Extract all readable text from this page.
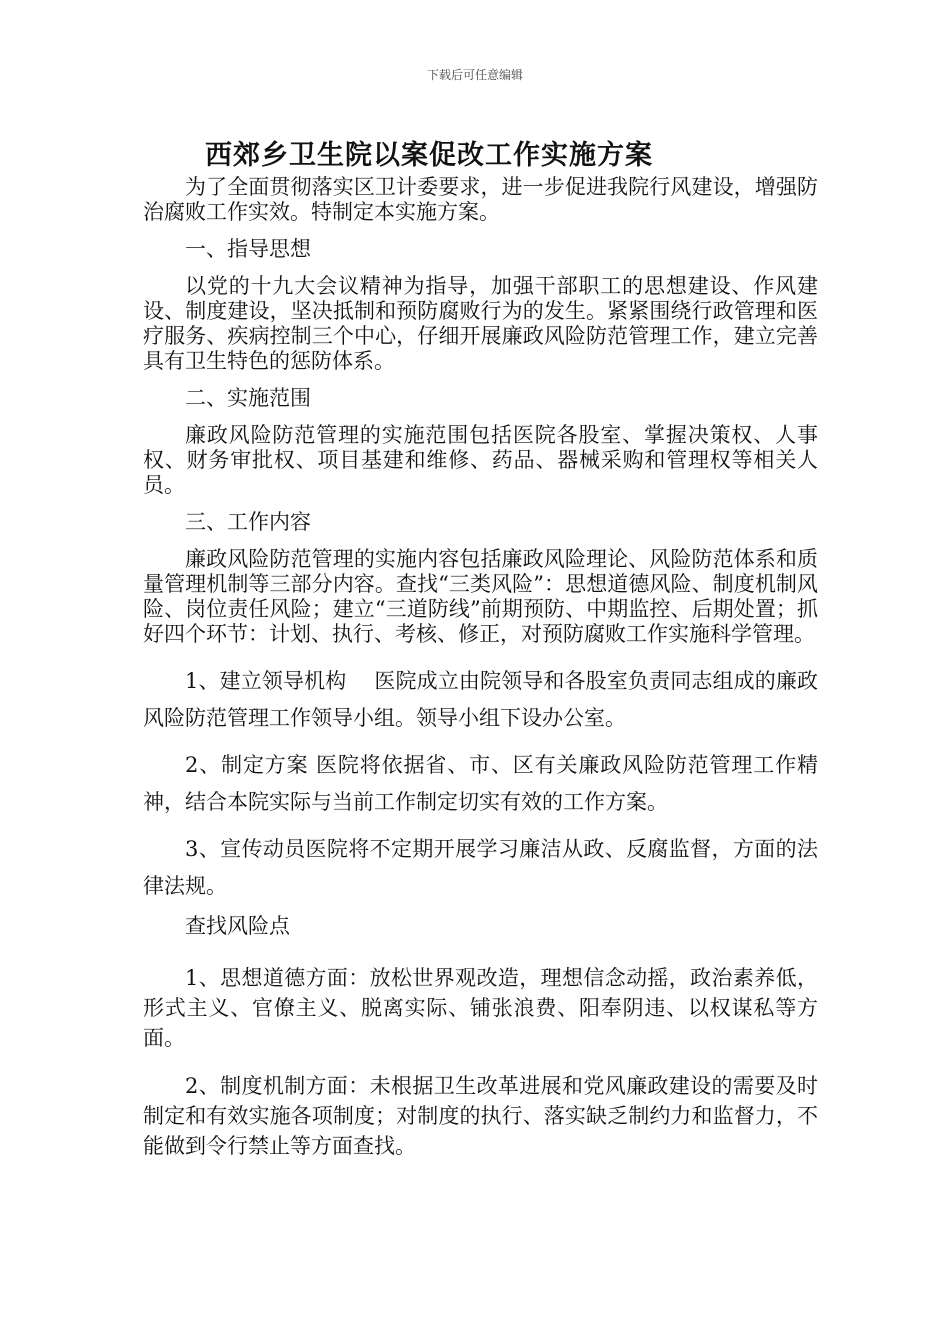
下载后可任意编辑
西郊乡卫生院以案促改工作实施方案

为了全面贯彻落实区卫计委要求，进一步促进我院行风建设，增强防治腐败工作实效。特制定本实施方案。

一、指导思想

以党的十九大会议精神为指导，加强干部职工的思想建设、作风建设、制度建设，坚决抵制和预防腐败行为的发生。紧紧围绕行政管理和医疗服务、疾病控制三个中心，仔细开展廉政风险防范管理工作，建立完善具有卫生特色的惩防体系。

二、实施范围

廉政风险防范管理的实施范围包括医院各股室、掌握决策权、人事权、财务审批权、项目基建和维修、药品、器械采购和管理权等相关人员。

三、工作内容

廉政风险防范管理的实施内容包括廉政风险理论、风险防范体系和质量管理机制等三部分内容。查找“三类风险”：思想道德风险、制度机制风险、岗位责任风险；建立“三道防线”前期预防、中期监控、后期处置；抓好四个环节：计划、执行、考核、修正，对预防腐败工作实施科学管理。

1、建立领导机构　 医院成立由院领导和各股室负责同志组成的廉政风险防范管理工作领导小组。领导小组下设办公室。

2、制定方案 医院将依据省、市、区有关廉政风险防范管理工作精神，结合本院实际与当前工作制定切实有效的工作方案。

3、宣传动员医院将不定期开展学习廉洁从政、反腐监督，方面的法律法规。

查找风险点

1、思想道德方面：放松世界观改造，理想信念动摇，政治素养低，形式主义、官僚主义、脱离实际、铺张浪费、阳奉阴违、以权谋私等方面。

2、制度机制方面：未根据卫生改革进展和党风廉政建设的需要及时制定和有效实施各项制度；对制度的执行、落实缺乏制约力和监督力，不能做到令行禁止等方面查找。
